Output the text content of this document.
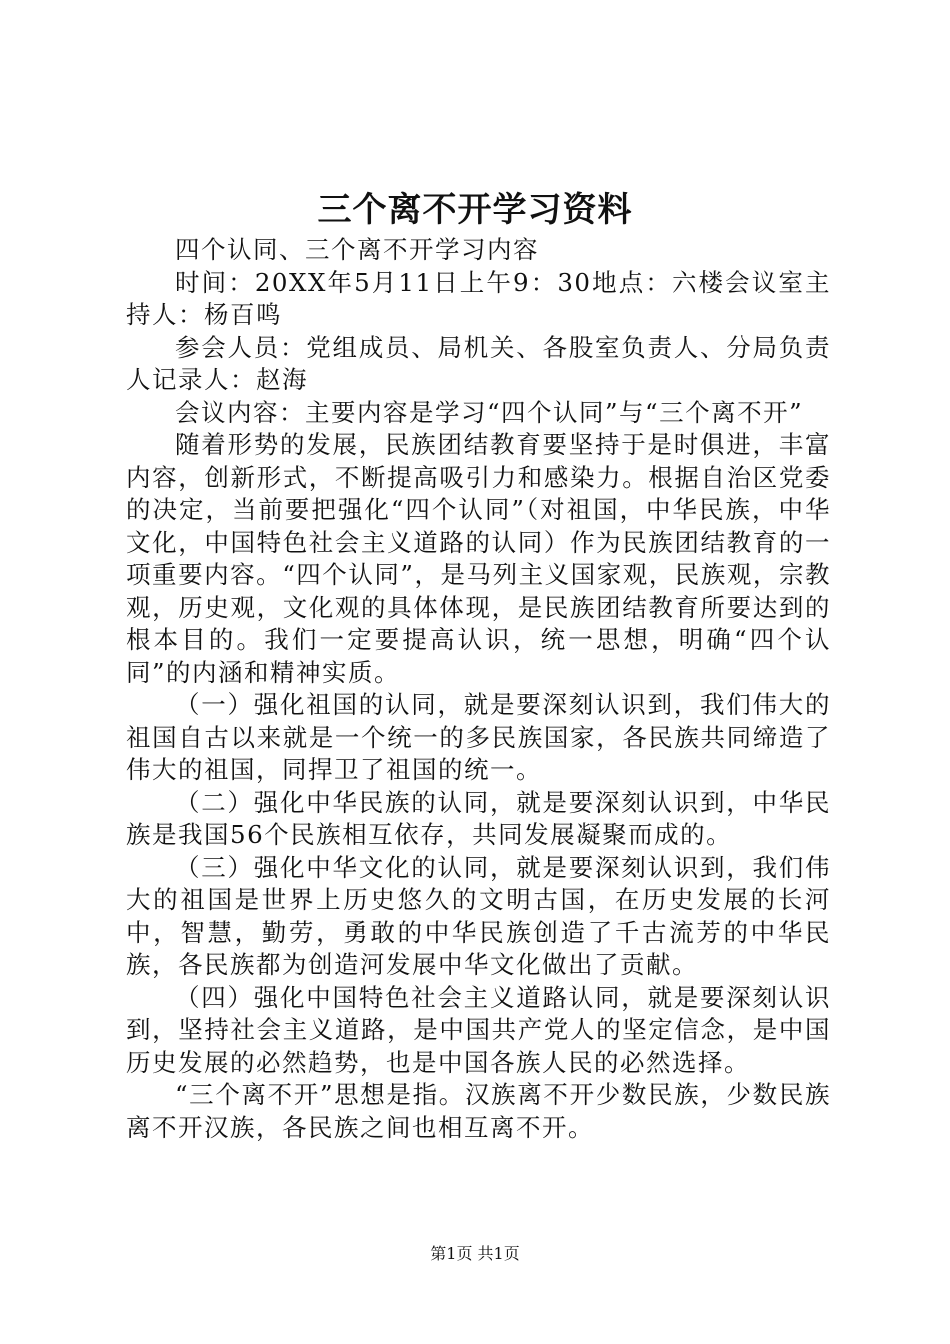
三个离不开学习资料

四个认同、三个离不开学习内容

时间：20XX年5月11日上午9：30地点：六楼会议室主持人：杨百鸣

参会人员：党组成员、局机关、各股室负责人、分局负责人记录人：赵海

会议内容：主要内容是学习“四个认同”与“三个离不开”

随着形势的发展，民族团结教育要坚持于是时俱进，丰富内容，创新形式，不断提高吸引力和感染力。根据自治区党委的决定，当前要把强化“四个认同”（对祖国，中华民族，中华文化，中国特色社会主义道路的认同）作为民族团结教育的一项重要内容。“四个认同”，是马列主义国家观，民族观，宗教观，历史观，文化观的具体体现，是民族团结教育所要达到的根本目的。我们一定要提高认识，统一思想，明确“四个认同”的内涵和精神实质。

（一）强化祖国的认同，就是要深刻认识到，我们伟大的祖国自古以来就是一个统一的多民族国家，各民族共同缔造了伟大的祖国，同捍卫了祖国的统一。

（二）强化中华民族的认同，就是要深刻认识到，中华民族是我国56个民族相互依存，共同发展凝聚而成的。

（三）强化中华文化的认同，就是要深刻认识到，我们伟大的祖国是世界上历史悠久的文明古国，在历史发展的长河中，智慧，勤劳，勇敢的中华民族创造了千古流芳的中华民族，各民族都为创造河发展中华文化做出了贡献。

（四）强化中国特色社会主义道路认同，就是要深刻认识到，坚持社会主义道路，是中国共产党人的坚定信念，是中国历史发展的必然趋势，也是中国各族人民的必然选择。

“三个离不开”思想是指。汉族离不开少数民族，少数民族离不开汉族，各民族之间也相互离不开。

第1页 共1页
